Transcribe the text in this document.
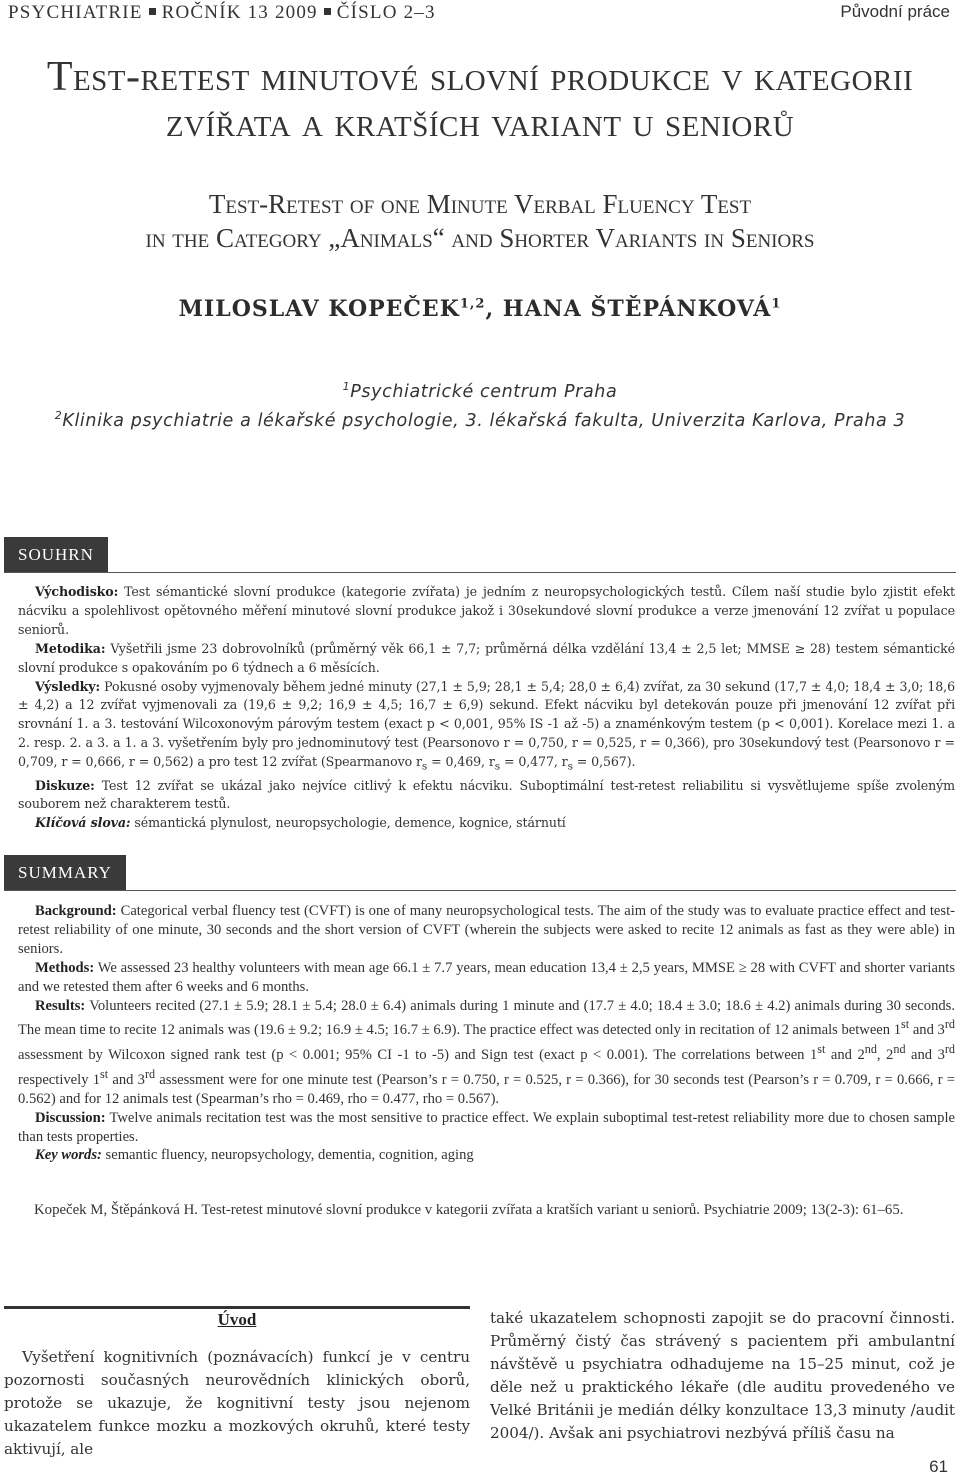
PSYCHIATRIE ROČNÍK 13 2009 ČÍSLO 2–3	Původní práce
Test-retest minutové slovní produkce v kategorii
zvířata a kratších variant u seniorů
Test-Retest of one Minute Verbal Fluency Test
in the Category „Animals“ and Shorter Variants in Seniors
MILOSLAV KOPEČEK$^{1,2}$, HANA ŠTĚPÁNKOVÁ$^1$
$^1$Psychiatrické centrum Praha
$^2$Klinika psychiatrie a lékařské psychologie, 3. lékařská fakulta, Univerzita Karlova, Praha 3
SOUHRN

Východisko: Test sémantické slovní produkce (kategorie zvířata) je jedním z neuropsychologických testů. Cílem naší studie bylo zjistit efekt nácviku a spolehlivost opětovného měření minutové slovní produkce jakož i 30sekundové slovní produkce a verze jmenování 12 zvířat u populace seniorů.

Metodika: Vyšetřili jsme 23 dobrovolníků (průměrný věk 66,1 ± 7,7; průměrná délka vzdělání 13,4 ± 2,5 let; MMSE ≥ 28) testem sémantické slovní produkce s opakováním po 6 týdnech a 6 měsících.

Výsledky: Pokusné osoby vyjmenovaly během jedné minuty (27,1 ± 5,9; 28,1 ± 5,4; 28,0 ± 6,4) zvířat, za 30 sekund (17,7 ± 4,0; 18,4 ± 3,0; 18,6 ± 4,2) a 12 zvířat vyjmenovali za (19,6 ± 9,2; 16,9 ± 4,5; 16,7 ± 6,9) sekund. Efekt nácviku byl detekován pouze při jmenování 12 zvířat při srovnání 1. a 3. testování Wilcoxonovým párovým testem (exact p < 0,001, 95% IS -1 až -5) a znaménkovým testem (p < 0,001). Korelace mezi 1. a 2. resp. 2. a 3. a 1. a 3. vyšetřením byly pro jednominutový test (Pearsonovo r = 0,750, r = 0,525, r = 0,366), pro 30sekundový test (Pearsonovo r = 0,709, r = 0,666, r = 0,562) a pro test 12 zvířat (Spearmanovo $r_s = 0,469$, $r_s = 0,477$, $r_s = 0,567$).

Diskuze: Test 12 zvířat se ukázal jako nejvíce citlivý k efektu nácviku. Suboptimální test-retest reliabilitu si vysvětlujeme spíše zvoleným souborem než charakterem testů.

Klíčová slova: sémantická plynulost, neuropsychologie, demence, kognice, stárnutí

SUMMARY

Background: Categorical verbal fluency test (CVFT) is one of many neuropsychological tests. The aim of the study was to evaluate practice effect and test-retest reliability of one minute, 30 seconds and the short version of CVFT (wherein the subjects were asked to recite 12 animals as fast as they were able) in seniors.

Methods: We assessed 23 healthy volunteers with mean age 66.1 ± 7.7 years, mean education 13,4 ± 2,5 years, MMSE ≥ 28 with CVFT and shorter variants and we retested them after 6 weeks and 6 months.

Results: Volunteers recited (27.1 ± 5.9; 28.1 ± 5.4; 28.0 ± 6.4) animals during 1 minute and (17.7 ± 4.0; 18.4 ± 3.0; 18.6 ± 4.2) animals during 30 seconds. The mean time to recite 12 animals was (19.6 ± 9.2; 16.9 ± 4.5; 16.7 ± 6.9). The practice effect was detected only in recitation of 12 animals between 1st and 3rd assessment by Wilcoxon signed rank test (p < 0.001; 95% CI -1 to -5) and Sign test (exact p < 0.001). The correlations between 1st and 2nd, 2nd and 3rd respectively 1st and 3rd assessment were for one minute test (Pearson’s r = 0.750, r = 0.525, r = 0.366), for 30 seconds test (Pearson’s r = 0.709, r = 0.666, r = 0.562) and for 12 animals test (Spearman’s rho = 0.469, rho = 0.477, rho = 0.567).

Discussion: Twelve animals recitation test was the most sensitive to practice effect. We explain suboptimal test-retest reliability more due to chosen sample than tests properties.

Key words: semantic fluency, neuropsychology, dementia, cognition, aging

Kopeček M, Štěpánková H. Test-retest minutové slovní produkce v kategorii zvířata a kratších variant u seniorů. Psychiatrie 2009; 13(2-3): 61–65.
Úvod

Vyšetření kognitivních (poznávacích) funkcí je v centru pozornosti současných neurovědních klinických oborů, protože se ukazuje, že kognitivní testy jsou nejenom ukazatelem funkce mozku a mozkových okruhů, které testy aktivují, ale

také ukazatelem schopnosti zapojit se do pracovní činnosti. Průměrný čistý čas strávený s pacientem při ambulantní návštěvě u psychiatra odhadujeme na 15–25 minut, což je děle než u praktického lékaře (dle auditu provedeného ve Velké Británii je medián délky konzultace 13,3 minuty /audit 2004/). Avšak ani psychiatrovi nezbývá příliš času na

61
